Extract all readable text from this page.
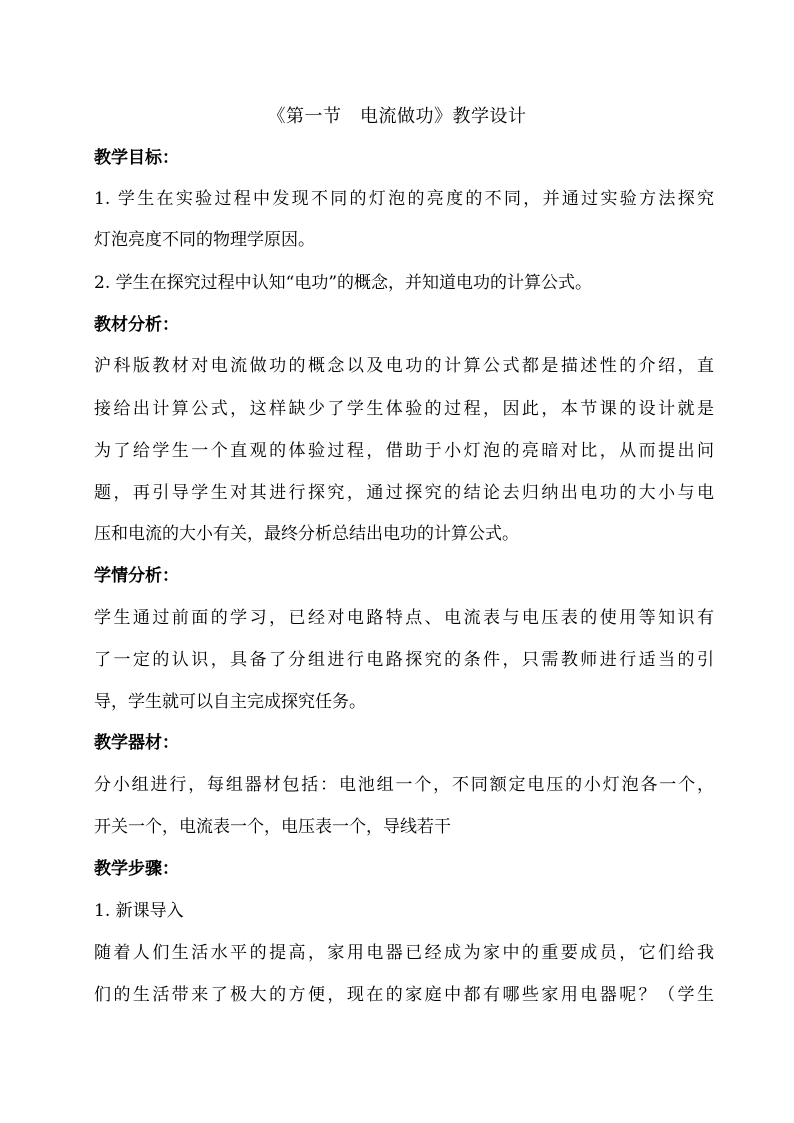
《第一节　电流做功》教学设计
教学目标：
1. 学生在实验过程中发现不同的灯泡的亮度的不同，并通过实验方法探究
灯泡亮度不同的物理学原因。
2. 学生在探究过程中认知“电功”的概念，并知道电功的计算公式。
教材分析：
沪科版教材对电流做功的概念以及电功的计算公式都是描述性的介绍，直
接给出计算公式，这样缺少了学生体验的过程，因此，本节课的设计就是
为了给学生一个直观的体验过程，借助于小灯泡的亮暗对比，从而提出问
题，再引导学生对其进行探究，通过探究的结论去归纳出电功的大小与电
压和电流的大小有关，最终分析总结出电功的计算公式。
学情分析：
学生通过前面的学习，已经对电路特点、电流表与电压表的使用等知识有
了一定的认识，具备了分组进行电路探究的条件，只需教师进行适当的引
导，学生就可以自主完成探究任务。
教学器材：
分小组进行，每组器材包括：电池组一个，不同额定电压的小灯泡各一个，
开关一个，电流表一个，电压表一个，导线若干
教学步骤：
1. 新课导入
随着人们生活水平的提高，家用电器已经成为家中的重要成员，它们给我
们的生活带来了极大的方便，现在的家庭中都有哪些家用电器呢？（学生
